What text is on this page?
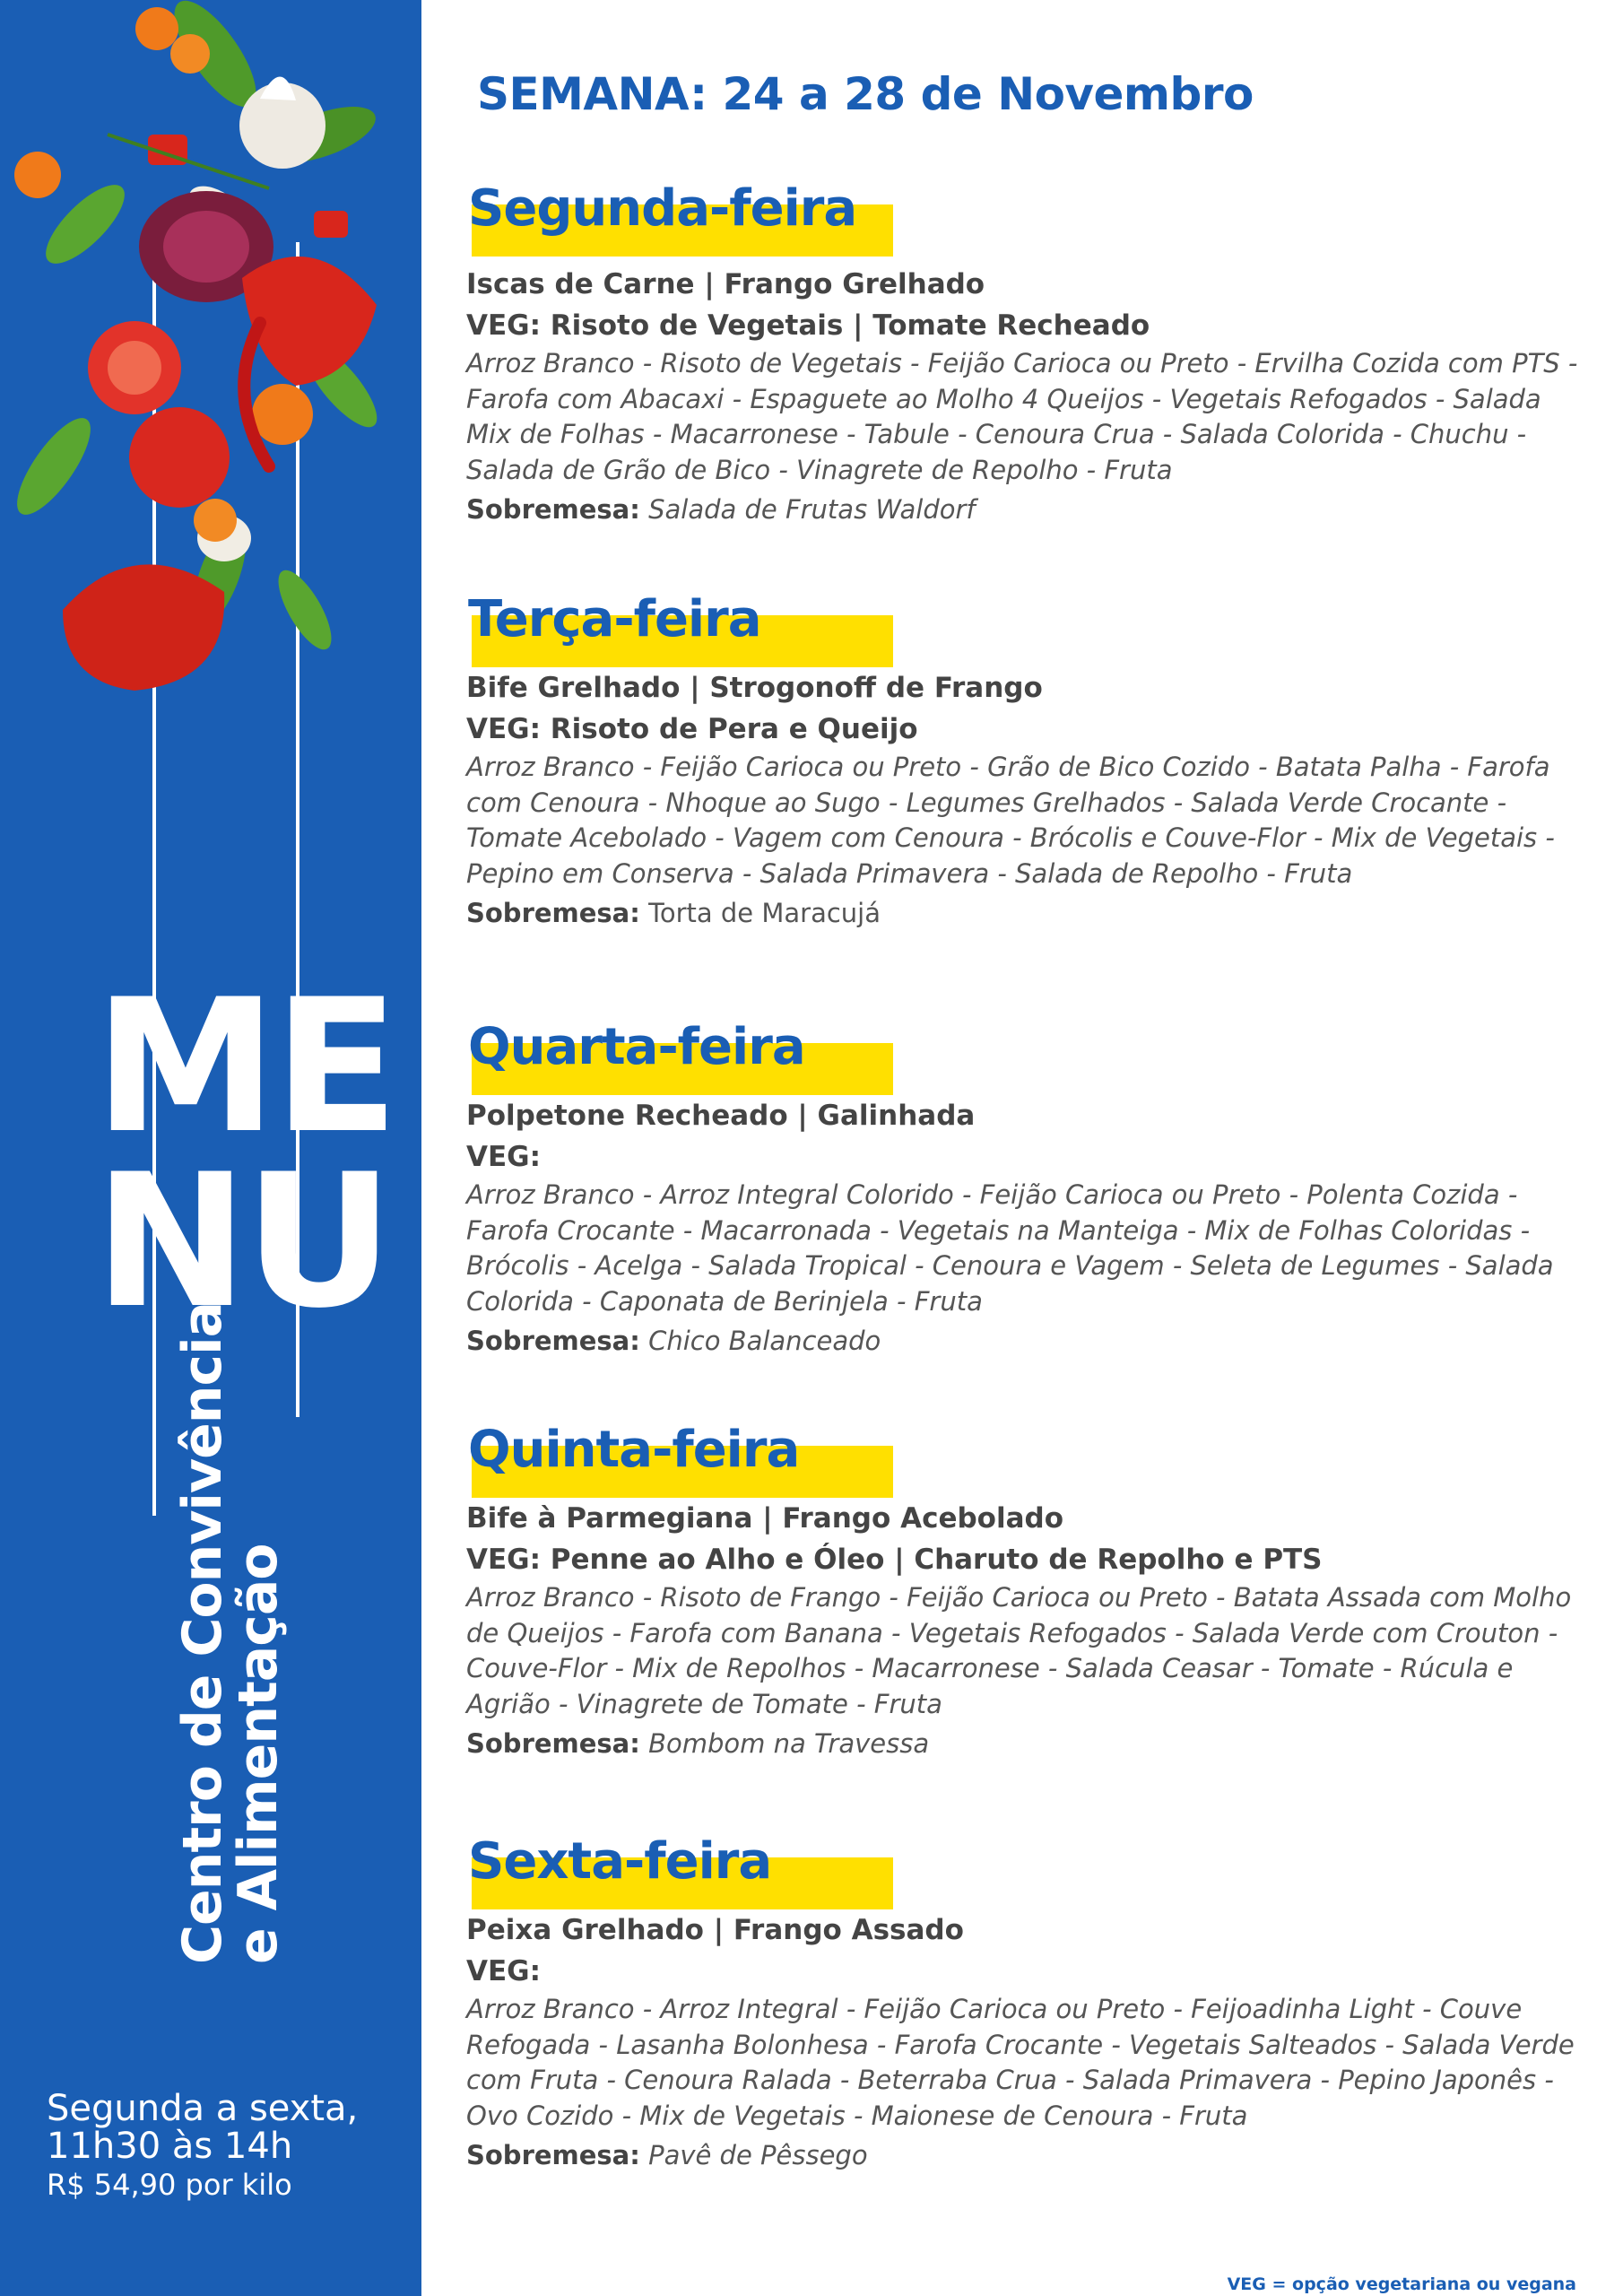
ME
NU
Centro de Convivência
e Alimentação
Segunda a sexta,
11h30 às 14h
R$ 54,90 por kilo
SEMANA: 24 a 28 de Novembro
Segunda-feira
Iscas de Carne | Frango Grelhado
VEG: Risoto de Vegetais | Tomate Recheado
Arroz Branco - Risoto de Vegetais - Feijão Carioca ou Preto - Ervilha Cozida com PTS - Farofa com Abacaxi - Espaguete ao Molho 4 Queijos - Vegetais Refogados - Salada Mix de Folhas - Macarronese - Tabule - Cenoura Crua - Salada Colorida - Chuchu - Salada de Grão de Bico - Vinagrete de Repolho - Fruta
Sobremesa: Salada de Frutas Waldorf
Terça-feira
Bife Grelhado | Strogonoff de Frango
VEG: Risoto de Pera e Queijo
Arroz Branco - Feijão Carioca ou Preto - Grão de Bico Cozido - Batata Palha - Farofa com Cenoura - Nhoque ao Sugo - Legumes Grelhados - Salada Verde Crocante - Tomate Acebolado - Vagem com Cenoura - Brócolis e Couve-Flor - Mix de Vegetais - Pepino em Conserva - Salada Primavera - Salada de Repolho - Fruta
Sobremesa: Torta de Maracujá
Quarta-feira
Polpetone Recheado | Galinhada
VEG:
Arroz Branco - Arroz Integral Colorido - Feijão Carioca ou Preto - Polenta Cozida - Farofa Crocante - Macarronada - Vegetais na Manteiga - Mix de Folhas Coloridas - Brócolis - Acelga - Salada Tropical - Cenoura e Vagem - Seleta de Legumes - Salada Colorida - Caponata de Berinjela - Fruta
Sobremesa: Chico Balanceado
Quinta-feira
Bife à Parmegiana | Frango Acebolado
VEG: Penne ao Alho e Óleo | Charuto de Repolho e PTS
Arroz Branco - Risoto de Frango - Feijão Carioca ou Preto - Batata Assada com Molho de Queijos - Farofa com Banana - Vegetais Refogados - Salada Verde com Crouton - Couve-Flor - Mix de Repolhos - Macarronese - Salada Ceasar - Tomate - Rúcula e Agrião - Vinagrete de Tomate - Fruta
Sobremesa: Bombom na Travessa
Sexta-feira
Peixa Grelhado | Frango Assado
VEG:
Arroz Branco - Arroz Integral - Feijão Carioca ou Preto - Feijoadinha Light - Couve Refogada - Lasanha Bolonhesa - Farofa Crocante - Vegetais Salteados - Salada Verde com Fruta - Cenoura Ralada - Beterraba Crua - Salada Primavera - Pepino Japonês - Ovo Cozido - Mix de Vegetais - Maionese de Cenoura - Fruta
Sobremesa: Pavê de Pêssego
VEG = opção vegetariana ou vegana
